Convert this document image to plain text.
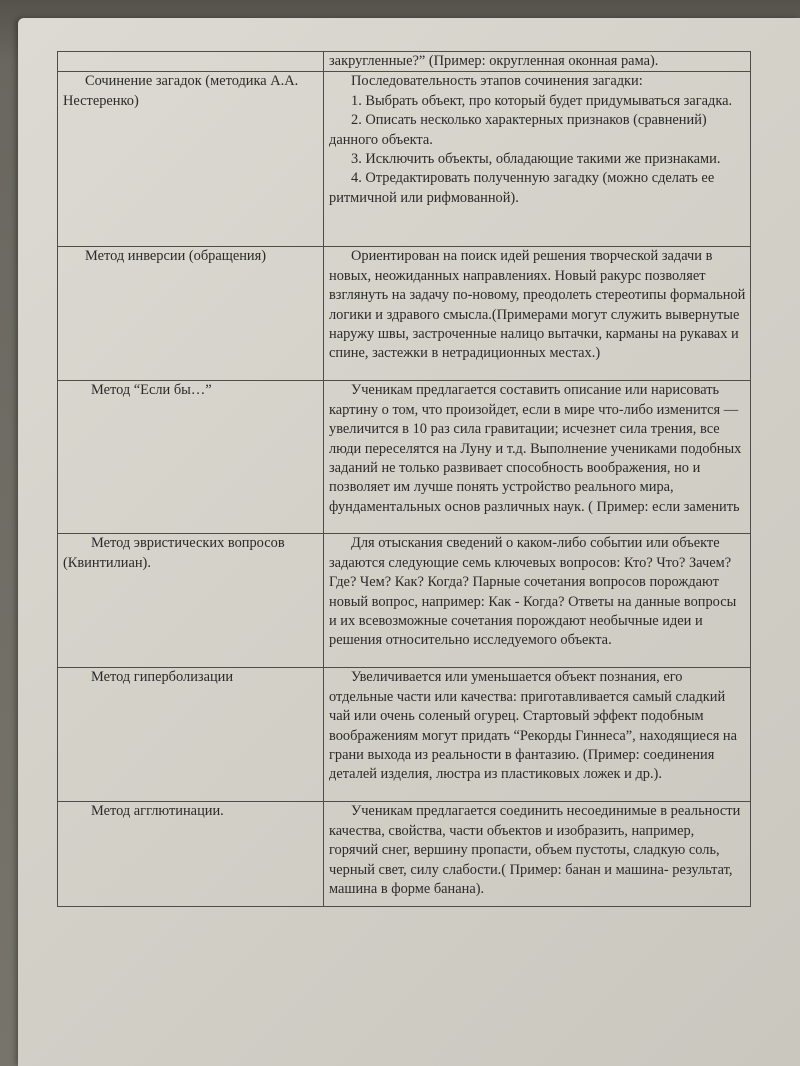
	закругленные?” (Пример: округленная оконная рама).

Сочинение загадок (методика А.А. Нестеренко)	Последовательность этапов сочинения загадки:
1. Выбрать объект, про который будет придумываться загадка.
2. Описать несколько характерных признаков (сравнений) данного объекта.
3. Исключить объекты, обладающие такими же признаками.
4. Отредактировать полученную загадку (можно сделать ее ритмичной или рифмованной).

Метод инверсии (обращения)	Ориентирован на поиск идей решения творческой задачи в новых, неожиданных направлениях. Новый ракурс позволяет взглянуть на задачу по-новому, преодолеть стереотипы формальной логики и здравого смысла.(Примерами могут служить вывернутые наружу швы, застроченные налицо вытачки, карманы на рукавах и спине, застежки в нетрадиционных местах.)

Метод “Если бы…”	Ученикам предлагается составить описание или нарисовать картину о том, что произойдет, если в мире что-либо изменится — увеличится в 10 раз сила гравитации; исчезнет сила трения, все люди переселятся на Луну и т.д. Выполнение учениками подобных заданий не только развивает способность воображения, но и позволяет им лучше понять устройство реального мира, фундаментальных основ различных наук. ( Пример: если заменить

Метод эвристических вопросов (Квинтилиан).	Для отыскания сведений о каком-либо событии или объекте задаются следующие семь ключевых вопросов: Кто? Что? Зачем? Где? Чем? Как? Когда? Парные сочетания вопросов порождают новый вопрос, например: Как - Когда? Ответы на данные вопросы и их всевозможные сочетания порождают необычные идеи и решения относительно исследуемого объекта.

Метод гиперболизации	Увеличивается или уменьшается объект познания, его отдельные части или качества: приготавливается самый сладкий чай или очень соленый огурец. Стартовый эффект подобным воображениям могут придать “Рекорды Гиннеса”, находящиеся на грани выхода из реальности в фантазию. (Пример: соединения деталей изделия, люстра из пластиковых ложек и др.).

Метод агглютинации.	Ученикам предлагается соединить несоединимые в реальности качества, свойства, части объектов и изобразить, например, горячий снег, вершину пропасти, объем пустоты, сладкую соль, черный свет, силу слабости.( Пример: банан и машина- результат, машина в форме банана).
